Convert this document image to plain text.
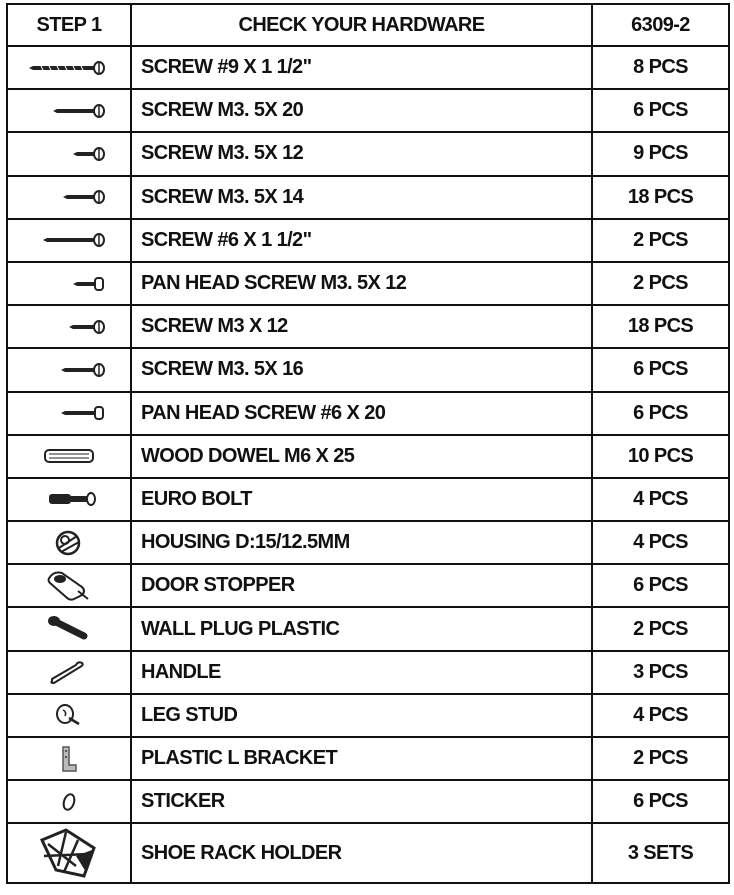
STEP 1	CHECK YOUR HARDWARE	6309-2

	SCREW #9 X 1 1/2"	8 PCS

	SCREW M3. 5X 20	6 PCS

	SCREW M3. 5X 12	9 PCS

	SCREW M3. 5X 14	18 PCS

	SCREW #6 X 1 1/2"	2 PCS

	PAN HEAD SCREW M3. 5X 12	2 PCS

	SCREW M3 X 12	18 PCS

	SCREW M3. 5X 16	6 PCS

	PAN HEAD SCREW #6 X 20	6 PCS

	WOOD DOWEL M6 X 25	10 PCS

	EURO BOLT	4 PCS

	HOUSING D:15/12.5MM	4 PCS

	DOOR STOPPER	6 PCS

	WALL PLUG PLASTIC	2 PCS

	HANDLE	3 PCS

	LEG STUD	4 PCS

	PLASTIC L BRACKET	2 PCS

	STICKER	6 PCS

	SHOE RACK HOLDER	3 SETS
